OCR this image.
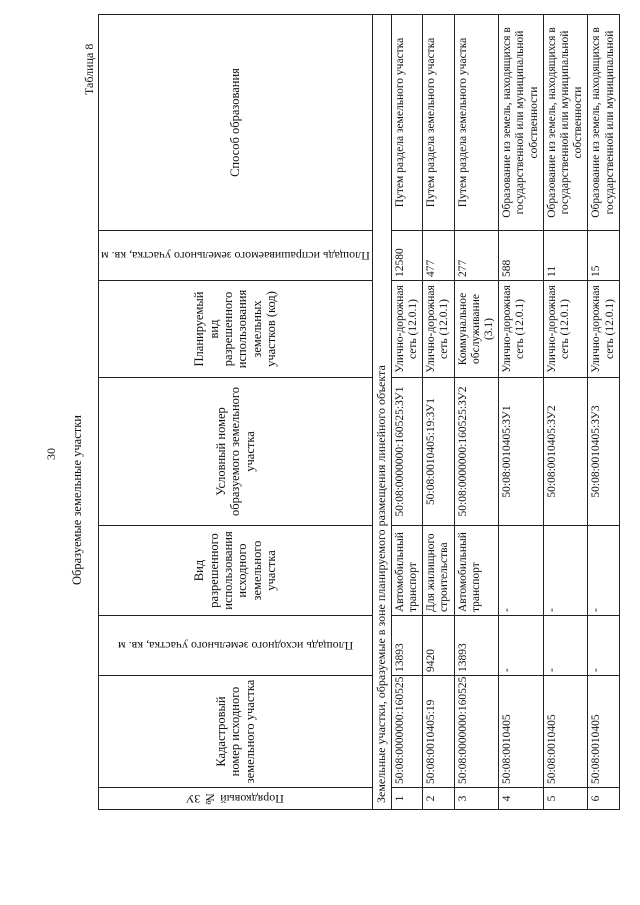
30 Образуемые земельные участки
Таблица 8
Порядковый № ЗУ	Кадастровый номер исходного земельного участка	Площадь исходного земельного участка, кв. м	Вид разрешенного использования исходного земельного участка	Условный номер образуемого земельного участка	Планируемый вид разрешенного использования земельных участков (код)	Площадь испрашиваемого земельного участка, кв. м	Способ образования
Земельные участки, образуемые в зоне планируемого размещения линейного объекта							
1	50:08:0000000:160525	13893	Автомобильный транспорт	50:08:0000000:160525:ЗУ1	Улично-дорожная сеть (12.0.1)	12580	Путем раздела земельного участка
2	50:08:0010405:19	9420	Для жилищного строительства	50:08:0010405:19:ЗУ1	Улично-дорожная сеть (12.0.1)	477	Путем раздела земельного участка
3	50:08:0000000:160525	13893	Автомобильный транспорт	50:08:0000000:160525:ЗУ2	Коммунальное обслуживание (3.1)	277	Путем раздела земельного участка
4	50:08:0010405	-	-	50:08:0010405:ЗУ1	Улично-дорожная сеть (12.0.1)	588	Образование из земель, находящихся в государственной или муниципальной собственности
5	50:08:0010405	-	-	50:08:0010405:ЗУ2	Улично-дорожная сеть (12.0.1)	11	Образование из земель, находящихся в государственной или муниципальной собственности
6	50:08:0010405	-	-	50:08:0010405:ЗУ3	Улично-дорожная сеть (12.0.1)	15	Образование из земель, находящихся в государственной или муниципальной
